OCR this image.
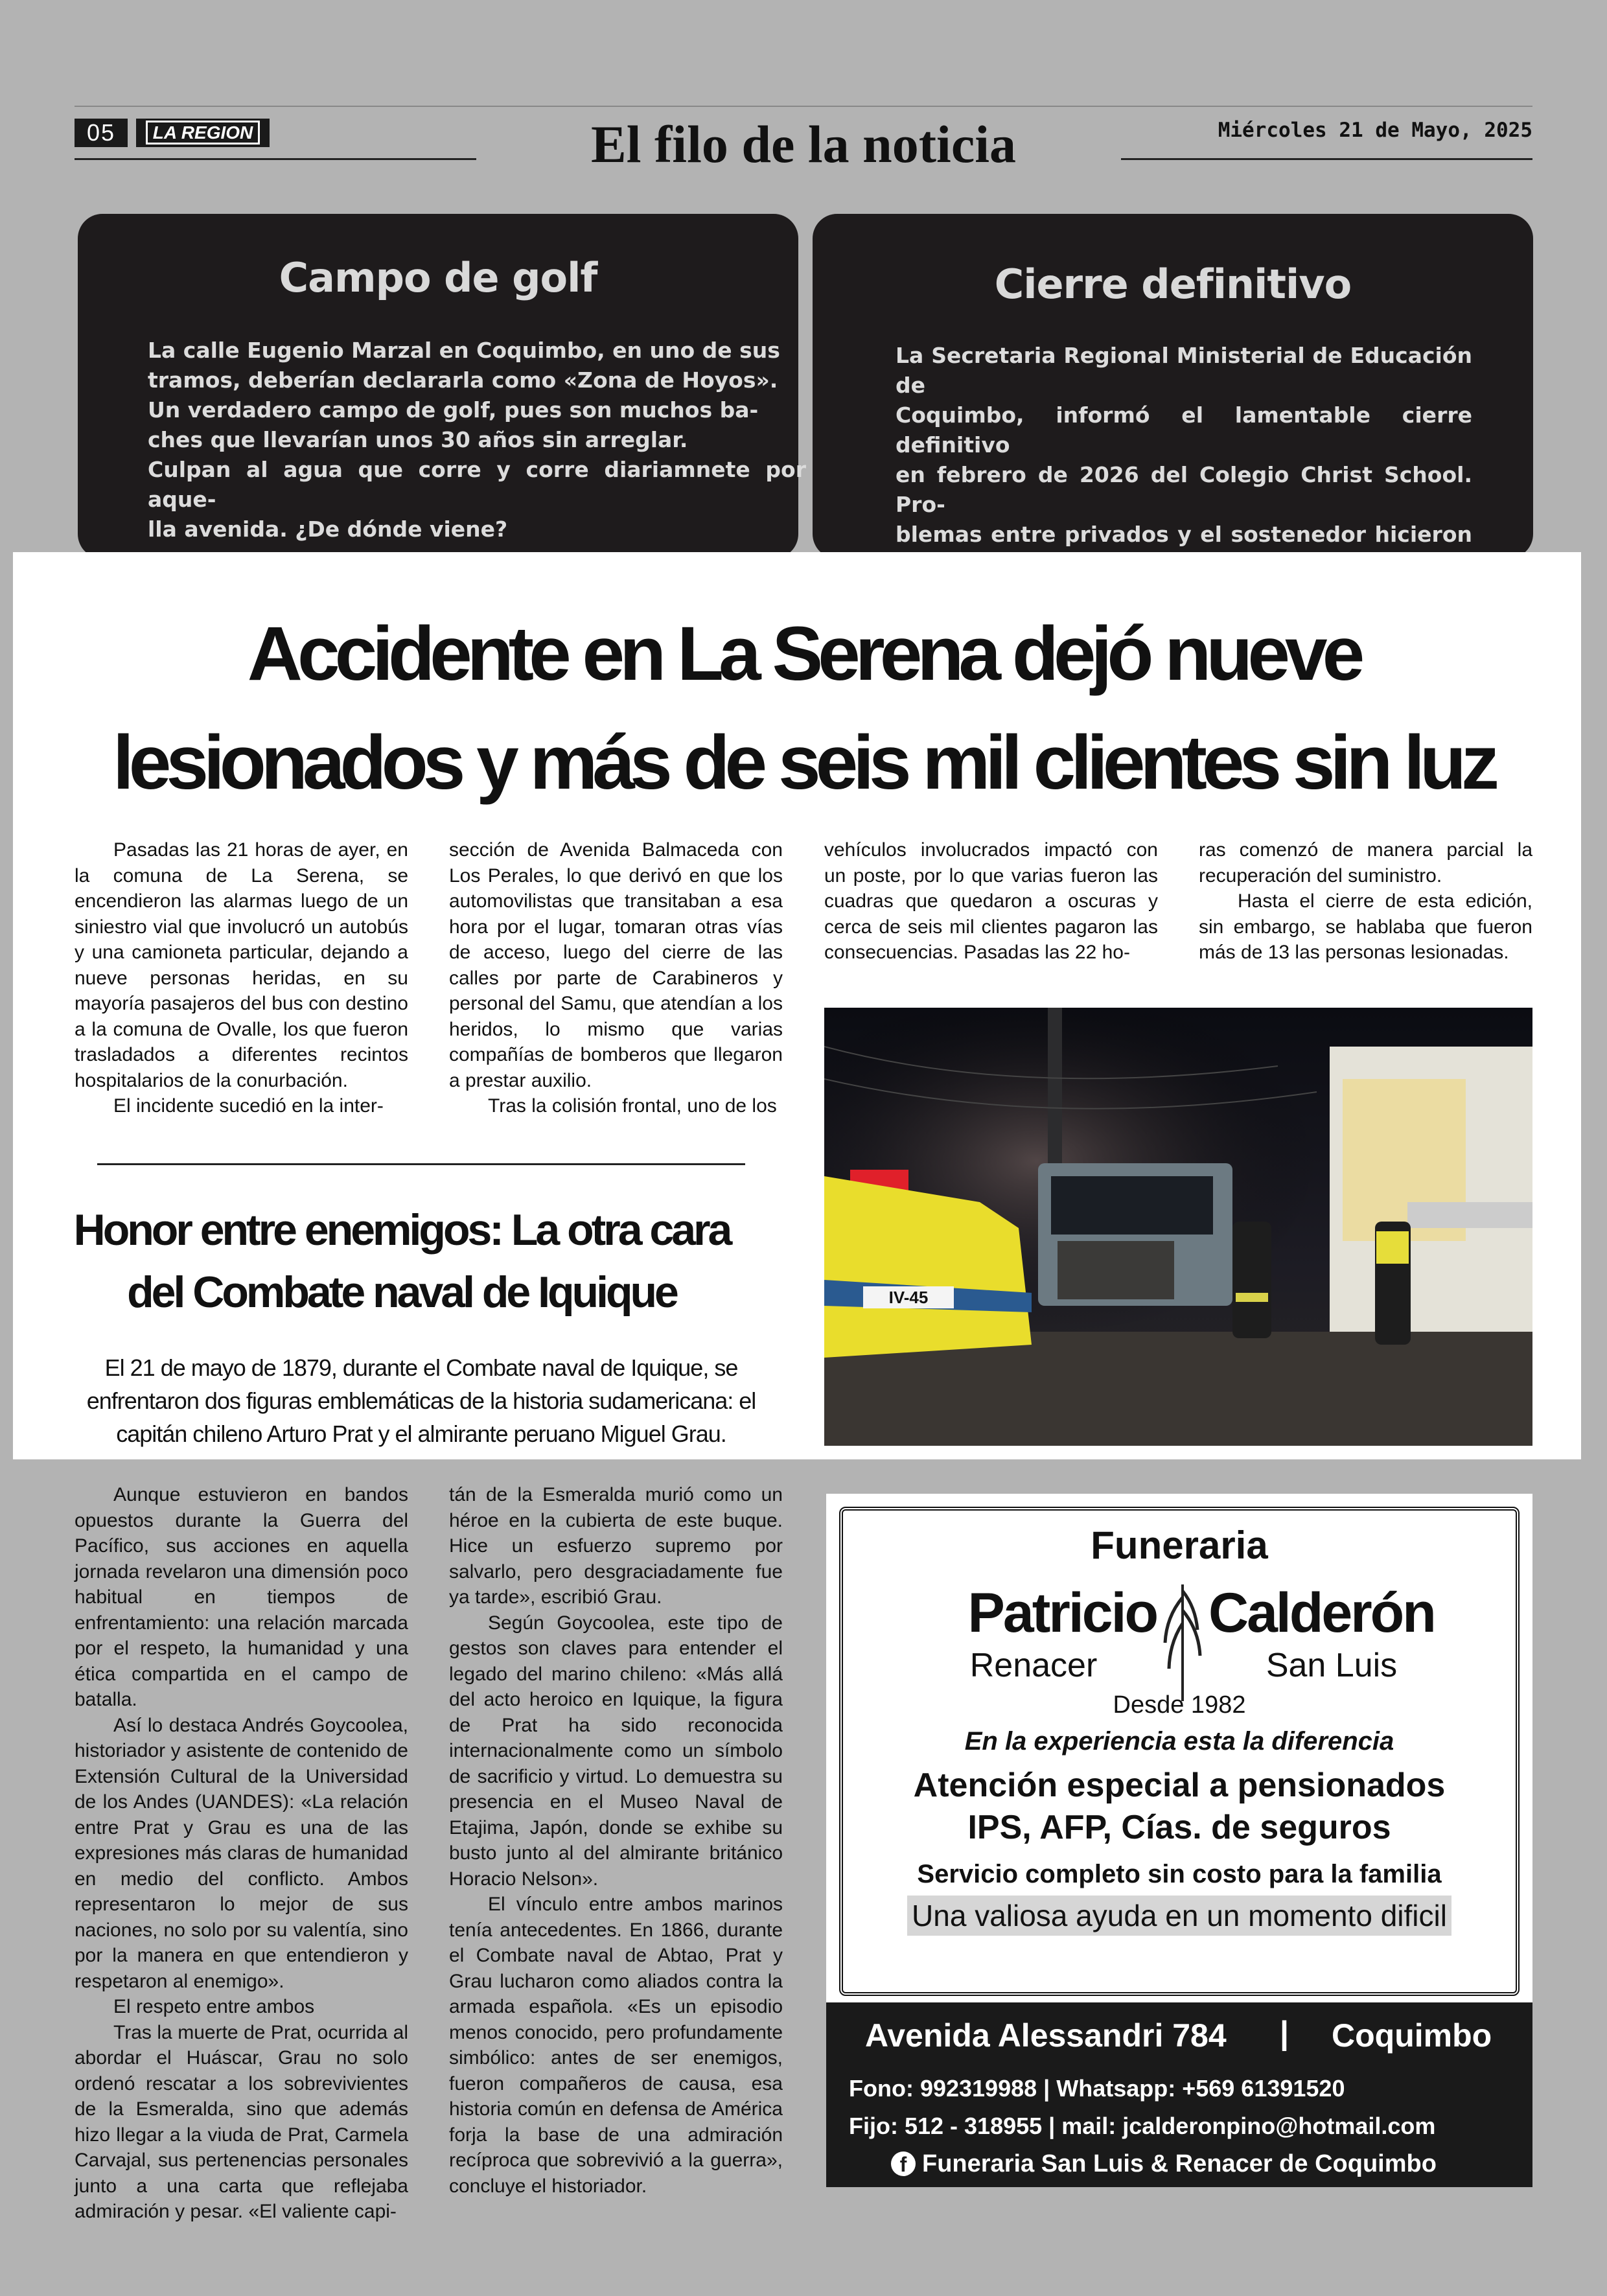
05	LA REGION	El filo de la noticia	Miércoles 21 de Mayo, 2025
Campo de golf

La calle Eugenio Marzal en Coquimbo, en uno de sus

tramos, deberían declararla como «Zona de Hoyos».

Un verdadero campo de golf, pues son muchos ba-

ches que llevarían unos 30 años sin arreglar.

Culpan al agua que corre y corre diariamnete por aque-

lla avenida. ¿De dónde viene?

Cierre definitivo

La Secretaria Regional Ministerial de Educación de

Coquimbo, informó el lamentable cierre definitivo

en febrero de 2026 del Colegio Christ School. Pro-

blemas entre privados y el sostenedor hicieron

Accidente en La Serena dejó nueve
lesionados y más de seis mil clientes sin luz

Pasadas las 21 horas de ayer, en la comuna de La Serena, se encendieron las alarmas luego de un siniestro vial que involucró un autobús y una camioneta particular, dejando a nueve personas heridas, en su mayoría pasajeros del bus con destino a la comuna de Ovalle, los que fueron trasladados a diferentes recintos hospitalarios de la conurbación.

El incidente sucedió en la inter-

sección de Avenida Balmaceda con Los Perales, lo que derivó en que los automovilistas que transitaban a esa hora por el lugar, tomaran otras vías de acceso, luego del cierre de las calles por parte de Carabineros y personal del Samu, que atendían a los heridos, lo mismo que varias compañías de bomberos que llegaron a prestar auxilio.

Tras la colisión frontal, uno de los

vehículos involucrados impactó con un poste, por lo que varias fueron las cuadras que quedaron a oscuras y cerca de seis mil clientes pagaron las consecuencias. Pasadas las 22 ho-

ras comenzó de manera parcial la recuperación del suministro.

Hasta el cierre de esta edición, sin embargo, se hablaba que fueron más de 13 las personas lesionadas.

IV-45
Honor entre enemigos: La otra cara
del Combate naval de Iquique
El 21 de mayo de 1879, durante el Combate naval de Iquique, se enfrentaron dos figuras emblemáticas de la historia sudamericana: el capitán chileno Arturo Prat y el almirante peruano Miguel Grau.

Aunque estuvieron en bandos opuestos durante la Guerra del Pacífico, sus acciones en aquella jornada revelaron una dimensión poco habitual en tiempos de enfrentamiento: una relación marcada por el respeto, la humanidad y una ética compartida en el campo de batalla.

Así lo destaca Andrés Goycoolea, historiador y asistente de contenido de Extensión Cultural de la Universidad de los Andes (UANDES): «La relación entre Prat y Grau es una de las expresiones más claras de humanidad en medio del conflicto. Ambos representaron lo mejor de sus naciones, no solo por su valentía, sino por la manera en que entendieron y respetaron al enemigo».

El respeto entre ambos

Tras la muerte de Prat, ocurrida al abordar el Huáscar, Grau no solo ordenó rescatar a los sobrevivientes de la Esmeralda, sino que además hizo llegar a la viuda de Prat, Carmela Carvajal, sus pertenencias personales junto a una carta que reflejaba admiración y pesar. «El valiente capi-

tán de la Esmeralda murió como un héroe en la cubierta de este buque. Hice un esfuerzo supremo por salvarlo, pero desgraciadamente fue ya tarde», escribió Grau.

Según Goycoolea, este tipo de gestos son claves para entender el legado del marino chileno: «Más allá del acto heroico en Iquique, la figura de Prat ha sido reconocida internacionalmente como un símbolo de sacrificio y virtud. Lo demuestra su presencia en el Museo Naval de Etajima, Japón, donde se exhibe su busto junto al del almirante británico Horacio Nelson».

El vínculo entre ambos marinos tenía antecedentes. En 1866, durante el Combate naval de Abtao, Prat y Grau lucharon como aliados contra la armada española. «Es un episodio menos conocido, pero profundamente simbólico: antes de ser enemigos, fueron compañeros de causa, esa historia común en defensa de América forja la base de una admiración recíproca que sobrevivió a la guerra», concluye el historiador.

Funeraria
Patricio Calderón
Renacer	San Luis
Desde 1982
En la experiencia esta la diferencia
Atención especial a pensionados
IPS, AFP, Cías. de seguros
Servicio completo sin costo para la familia
Una valiosa ayuda en un momento dificil
Avenida Alessandri 784 | Coquimbo
Fono: 992319988 | Whatsapp: +569 61391520
Fijo: 512 - 318955 | mail: jcalderonpino@hotmail.com
f Funeraria San Luis & Renacer de Coquimbo
